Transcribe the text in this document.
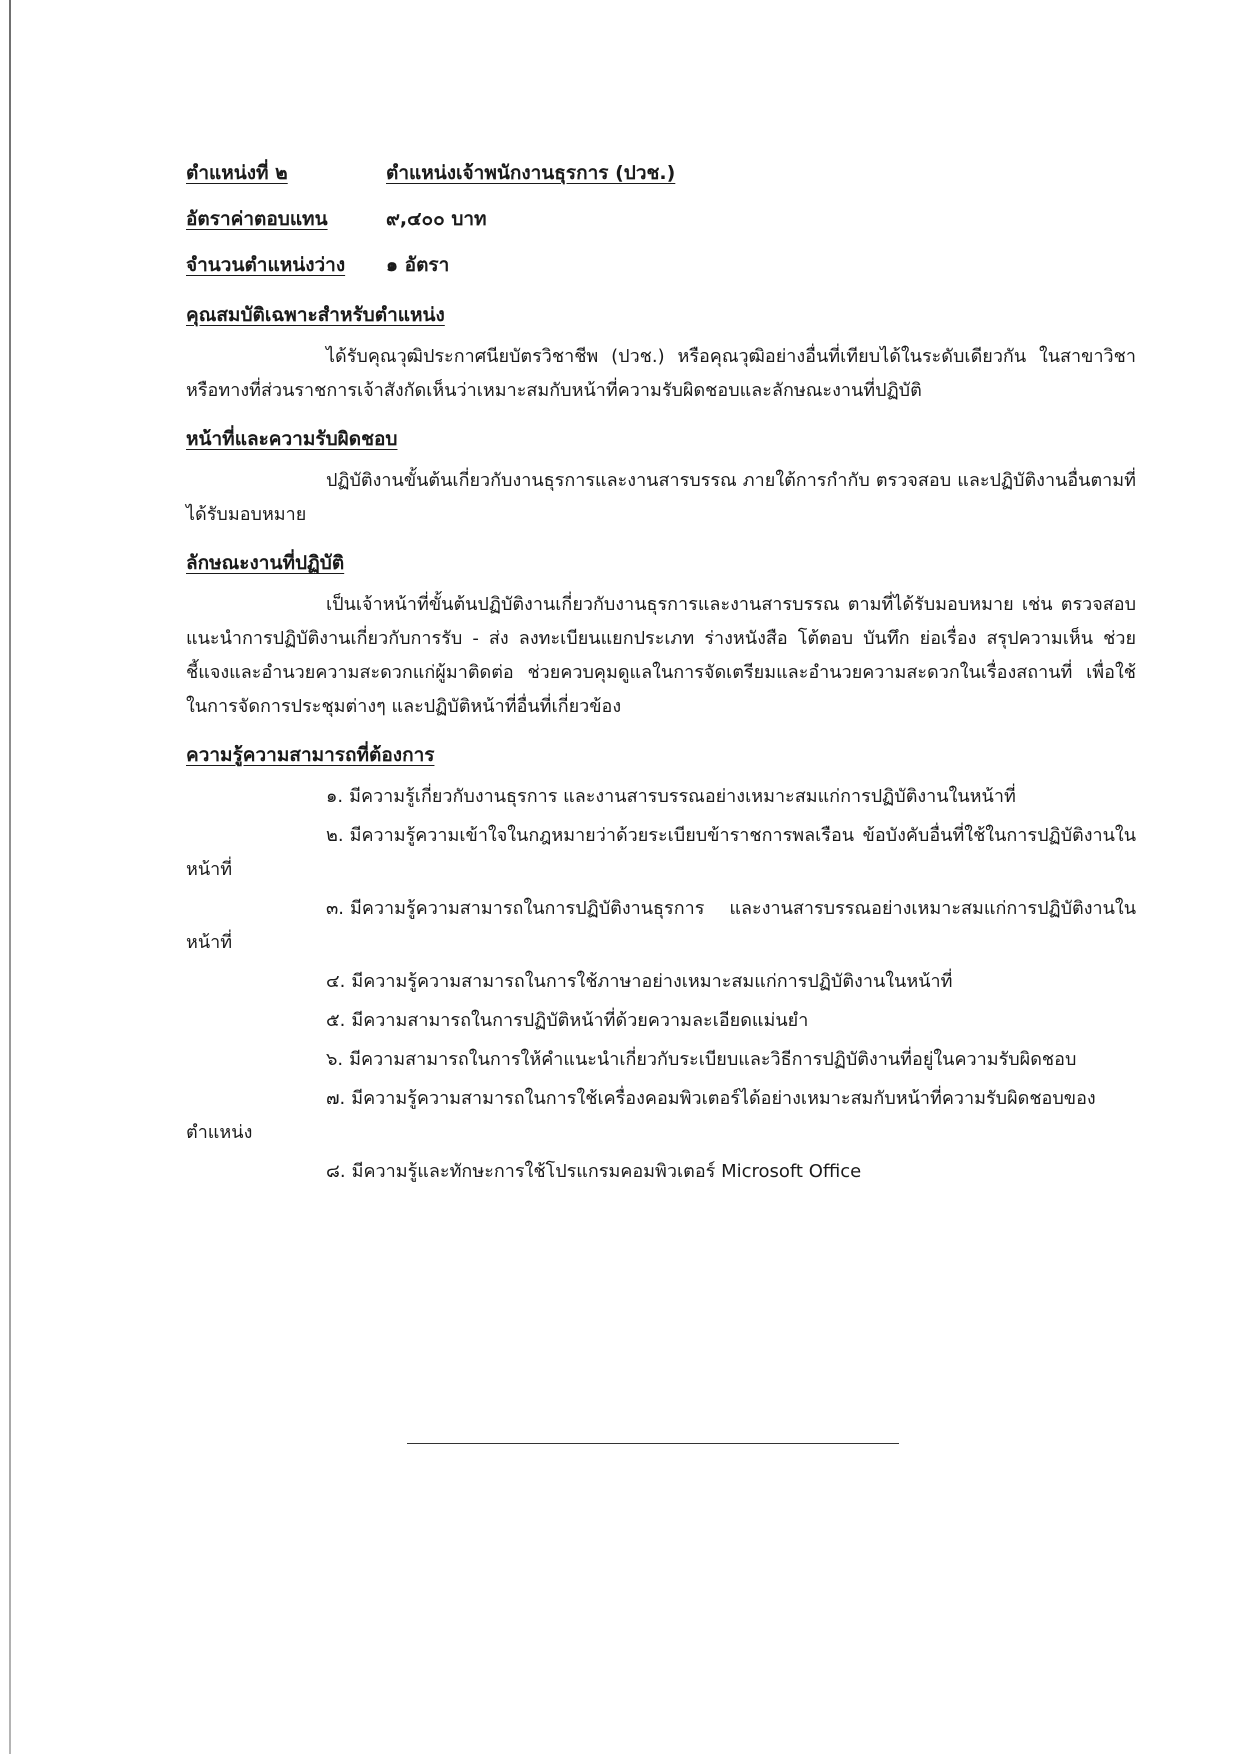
ตำแหน่งที่ ๒	ตำแหน่งเจ้าพนักงานธุรการ (ปวช.)
อัตราค่าตอบแทน	๙,๔๐๐ บาท
จำนวนตำแหน่งว่าง	๑ อัตรา
คุณสมบัติเฉพาะสำหรับตำแหน่ง

ได้รับคุณวุฒิประกาศนียบัตรวิชาชีพ (ปวช.) หรือคุณวุฒิอย่างอื่นที่เทียบได้ในระดับเดียวกัน ในสาขาวิชาหรือทางที่ส่วนราชการเจ้าสังกัดเห็นว่าเหมาะสมกับหน้าที่ความรับผิดชอบและลักษณะงานที่ปฏิบัติ

หน้าที่และความรับผิดชอบ

ปฏิบัติงานขั้นต้นเกี่ยวกับงานธุรการและงานสารบรรณ ภายใต้การกำกับ ตรวจสอบ และปฏิบัติงานอื่นตามที่ได้รับมอบหมาย

ลักษณะงานที่ปฏิบัติ

เป็นเจ้าหน้าที่ขั้นต้นปฏิบัติงานเกี่ยวกับงานธุรการและงานสารบรรณ ตามที่ได้รับมอบหมาย เช่น ตรวจสอบ แนะนำการปฏิบัติงานเกี่ยวกับการรับ - ส่ง ลงทะเบียนแยกประเภท ร่างหนังสือ โต้ตอบ บันทึก ย่อเรื่อง สรุปความเห็น ช่วยชี้แจงและอำนวยความสะดวกแก่ผู้มาติดต่อ ช่วยควบคุมดูแลในการจัดเตรียมและอำนวยความสะดวกในเรื่องสถานที่ เพื่อใช้ในการจัดการประชุมต่างๆ และปฏิบัติหน้าที่อื่นที่เกี่ยวข้อง

ความรู้ความสามารถที่ต้องการ
๑. มีความรู้เกี่ยวกับงานธุรการ และงานสารบรรณอย่างเหมาะสมแก่การปฏิบัติงานในหน้าที่
๒. มีความรู้ความเข้าใจในกฎหมายว่าด้วยระเบียบข้าราชการพลเรือน ข้อบังคับอื่นที่ใช้ในการปฏิบัติงานในหน้าที่
๓. มีความรู้ความสามารถในการปฏิบัติงานธุรการ และงานสารบรรณอย่างเหมาะสมแก่การปฏิบัติงานในหน้าที่
๔. มีความรู้ความสามารถในการใช้ภาษาอย่างเหมาะสมแก่การปฏิบัติงานในหน้าที่
๕. มีความสามารถในการปฏิบัติหน้าที่ด้วยความละเอียดแม่นยำ
๖. มีความสามารถในการให้คำแนะนำเกี่ยวกับระเบียบและวิธีการปฏิบัติงานที่อยู่ในความรับผิดชอบ
๗. มีความรู้ความสามารถในการใช้เครื่องคอมพิวเตอร์ได้อย่างเหมาะสมกับหน้าที่ความรับผิดชอบของตำแหน่ง
๘. มีความรู้และทักษะการใช้โปรแกรมคอมพิวเตอร์ Microsoft Office
